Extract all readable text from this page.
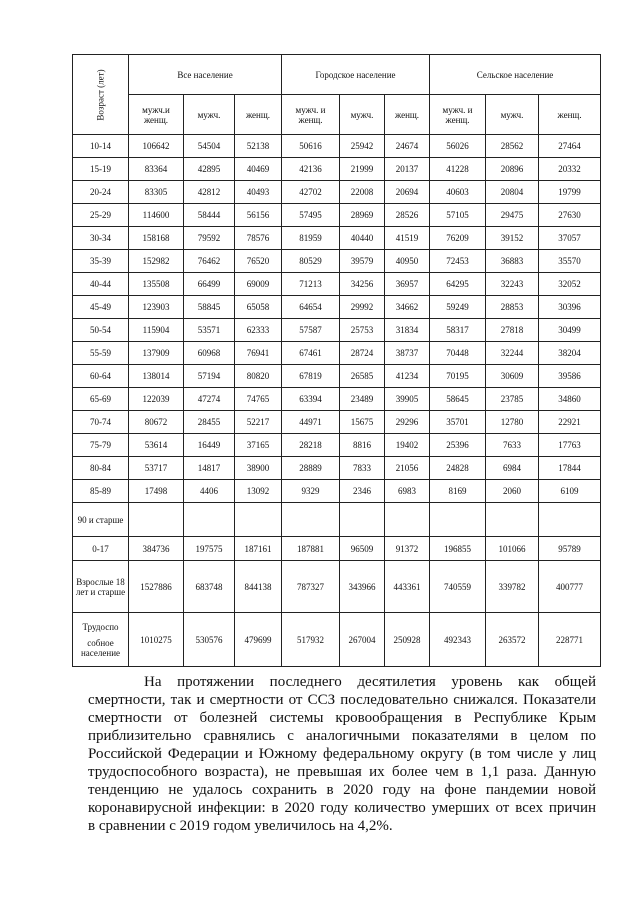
Возраст (лет)	Все население			Городское население			Сельское население		
	мужч.и женщ.	мужч.	женщ.	мужч. и женщ.	мужч.	женщ.	мужч. и женщ.	мужч.	женщ.
10-14	106642	54504	52138	50616	25942	24674	56026	28562	27464
15-19	83364	42895	40469	42136	21999	20137	41228	20896	20332
20-24	83305	42812	40493	42702	22008	20694	40603	20804	19799
25-29	114600	58444	56156	57495	28969	28526	57105	29475	27630
30-34	158168	79592	78576	81959	40440	41519	76209	39152	37057
35-39	152982	76462	76520	80529	39579	40950	72453	36883	35570
40-44	135508	66499	69009	71213	34256	36957	64295	32243	32052
45-49	123903	58845	65058	64654	29992	34662	59249	28853	30396
50-54	115904	53571	62333	57587	25753	31834	58317	27818	30499
55-59	137909	60968	76941	67461	28724	38737	70448	32244	38204
60-64	138014	57194	80820	67819	26585	41234	70195	30609	39586
65-69	122039	47274	74765	63394	23489	39905	58645	23785	34860
70-74	80672	28455	52217	44971	15675	29296	35701	12780	22921
75-79	53614	16449	37165	28218	8816	19402	25396	7633	17763
80-84	53717	14817	38900	28889	7833	21056	24828	6984	17844
85-89	17498	4406	13092	9329	2346	6983	8169	2060	6109
90 и старше									
0-17	384736	197575	187161	187881	96509	91372	196855	101066	95789
Взрослые 18 лет и старше	1527886	683748	844138	787327	343966	443361	740559	339782	400777

Трудоспо
собное население	1010275	530576	479699	517932	267004	250928	492343	263572	228771
На протяжении последнего десятилетия уровень как общей
смертности, так и смертности от ССЗ последовательно снижался. Показатели
смертности от болезней системы кровообращения в Республике Крым
приблизительно сравнялись с аналогичными показателями в целом по
Российской Федерации и Южному федеральному округу (в том числе у лиц
трудоспособного возраста), не превышая их более чем в 1,1 раза. Данную
тенденцию не удалось сохранить в 2020 году на фоне пандемии новой
коронавирусной инфекции: в 2020 году количество умерших от всех причин
в сравнении с 2019 годом увеличилось на 4,2%.
